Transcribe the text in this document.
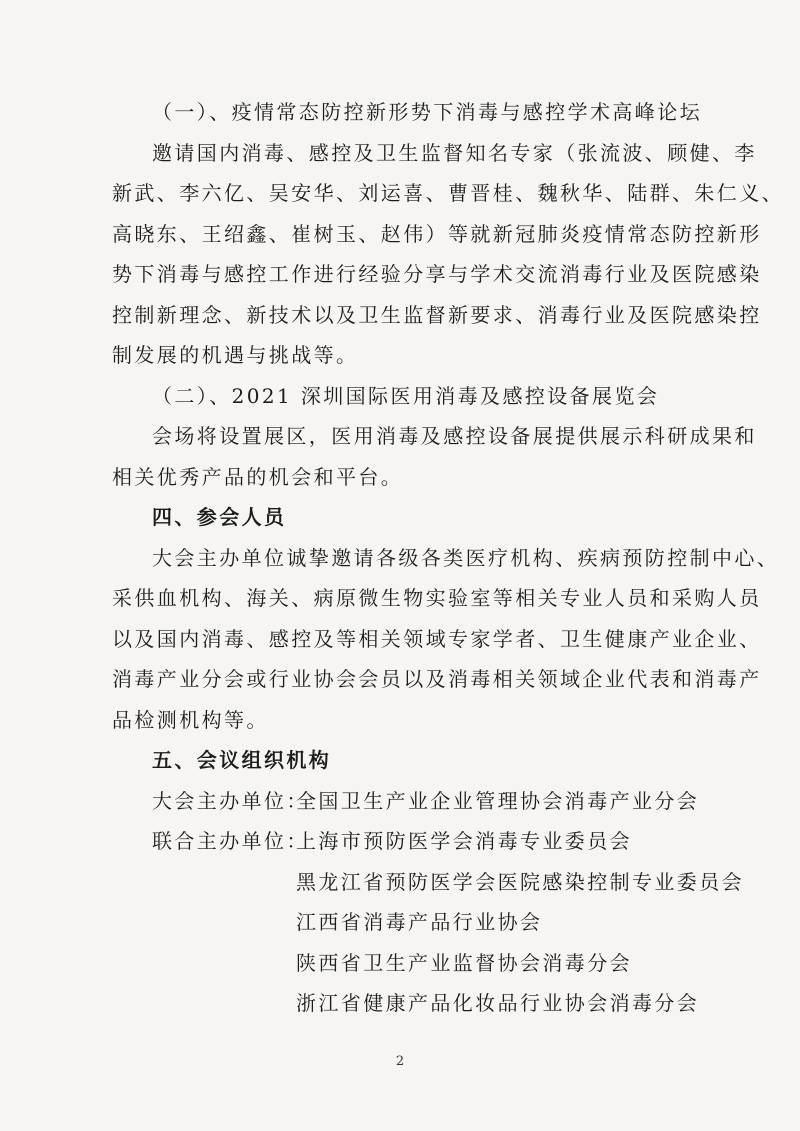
（一）、疫情常态防控新形势下消毒与感控学术高峰论坛
邀请国内消毒、感控及卫生监督知名专家（张流波、顾健、李
新武、李六亿、吴安华、刘运喜、曹晋桂、魏秋华、陆群、朱仁义、
高晓东、王绍鑫、崔树玉、赵伟）等就新冠肺炎疫情常态防控新形
势下消毒与感控工作进行经验分享与学术交流消毒行业及医院感染
控制新理念、新技术以及卫生监督新要求、消毒行业及医院感染控
制发展的机遇与挑战等。
（二）、2021 深圳国际医用消毒及感控设备展览会
会场将设置展区，医用消毒及感控设备展提供展示科研成果和
相关优秀产品的机会和平台。
四、参会人员
大会主办单位诚挚邀请各级各类医疗机构、疾病预防控制中心、
采供血机构、海关、病原微生物实验室等相关专业人员和采购人员
以及国内消毒、感控及等相关领域专家学者、卫生健康产业企业、
消毒产业分会或行业协会会员以及消毒相关领域企业代表和消毒产
品检测机构等。
五、会议组织机构
大会主办单位：
全国卫生产业企业管理协会消毒产业分会
联合主办单位：
上海市预防医学会消毒专业委员会
黑龙江省预防医学会医院感染控制专业委员会
江西省消毒产品行业协会
陕西省卫生产业监督协会消毒分会
浙江省健康产品化妆品行业协会消毒分会
2
